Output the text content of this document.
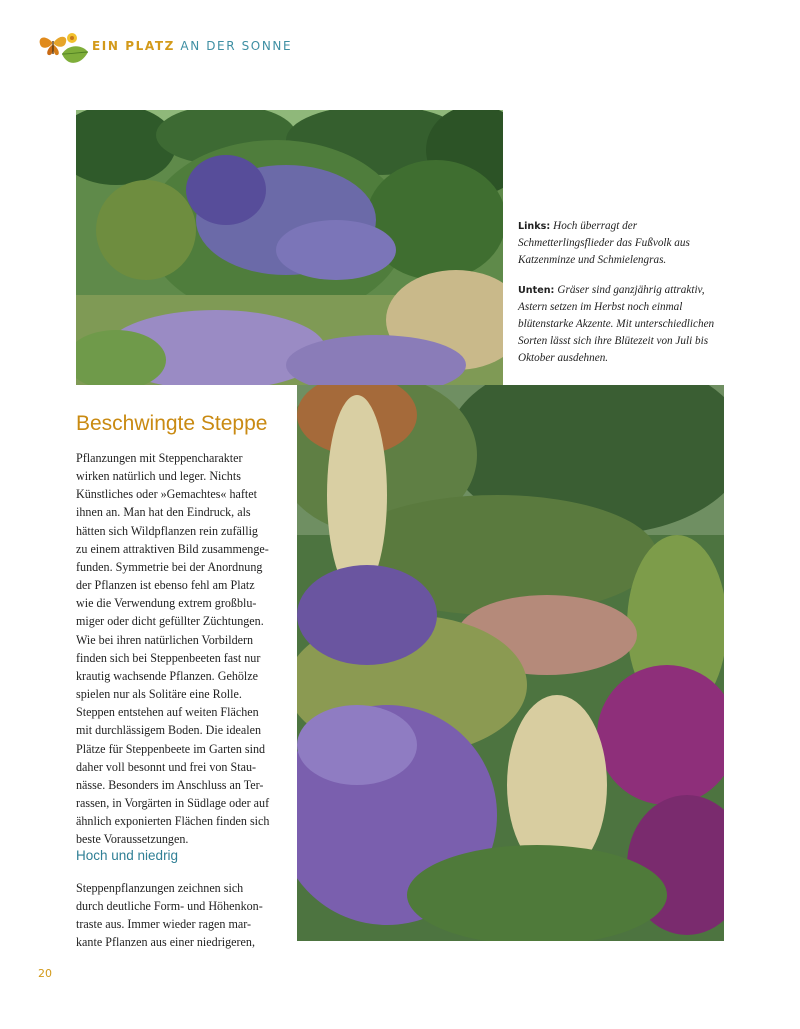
EIN PLATZ AN DER SONNE

Links: Hoch überragt der Schmetterlingsflieder das Fußvolk aus Katzenminze und Schmielengras.

Unten: Gräser sind ganzjährig attraktiv, Astern setzen im Herbst noch einmal blütenstarke Akzente. Mit unterschiedlichen Sorten lässt sich ihre Blütezeit von Juli bis Oktober ausdehnen.

Beschwingte Steppe
Pflanzungen mit Steppencharakter
wirken natürlich und leger. Nichts
Künstliches oder »Gemachtes« haftet
ihnen an. Man hat den Eindruck, als
hätten sich Wildpflanzen rein zufällig
zu einem attraktiven Bild zusammenge-
funden. Symmetrie bei der Anordnung
der Pflanzen ist ebenso fehl am Platz
wie die Verwendung extrem großblu-
miger oder dicht gefüllter Züchtungen.
Wie bei ihren natürlichen Vorbildern
finden sich bei Steppenbeeten fast nur
krautig wachsende Pflanzen. Gehölze
spielen nur als Solitäre eine Rolle.
Steppen entstehen auf weiten Flächen
mit durchlässigem Boden. Die idealen
Plätze für Steppenbeete im Garten sind
daher voll besonnt und frei von Stau-
nässe. Besonders im Anschluss an Ter-
rassen, in Vorgärten in Südlage oder auf
ähnlich exponierten Flächen finden sich
beste Voraussetzungen.
Hoch und niedrig
Steppenpflanzungen zeichnen sich
durch deutliche Form- und Höhenkon-
traste aus. Immer wieder ragen mar-
kante Pflanzen aus einer niedrigeren,
20
